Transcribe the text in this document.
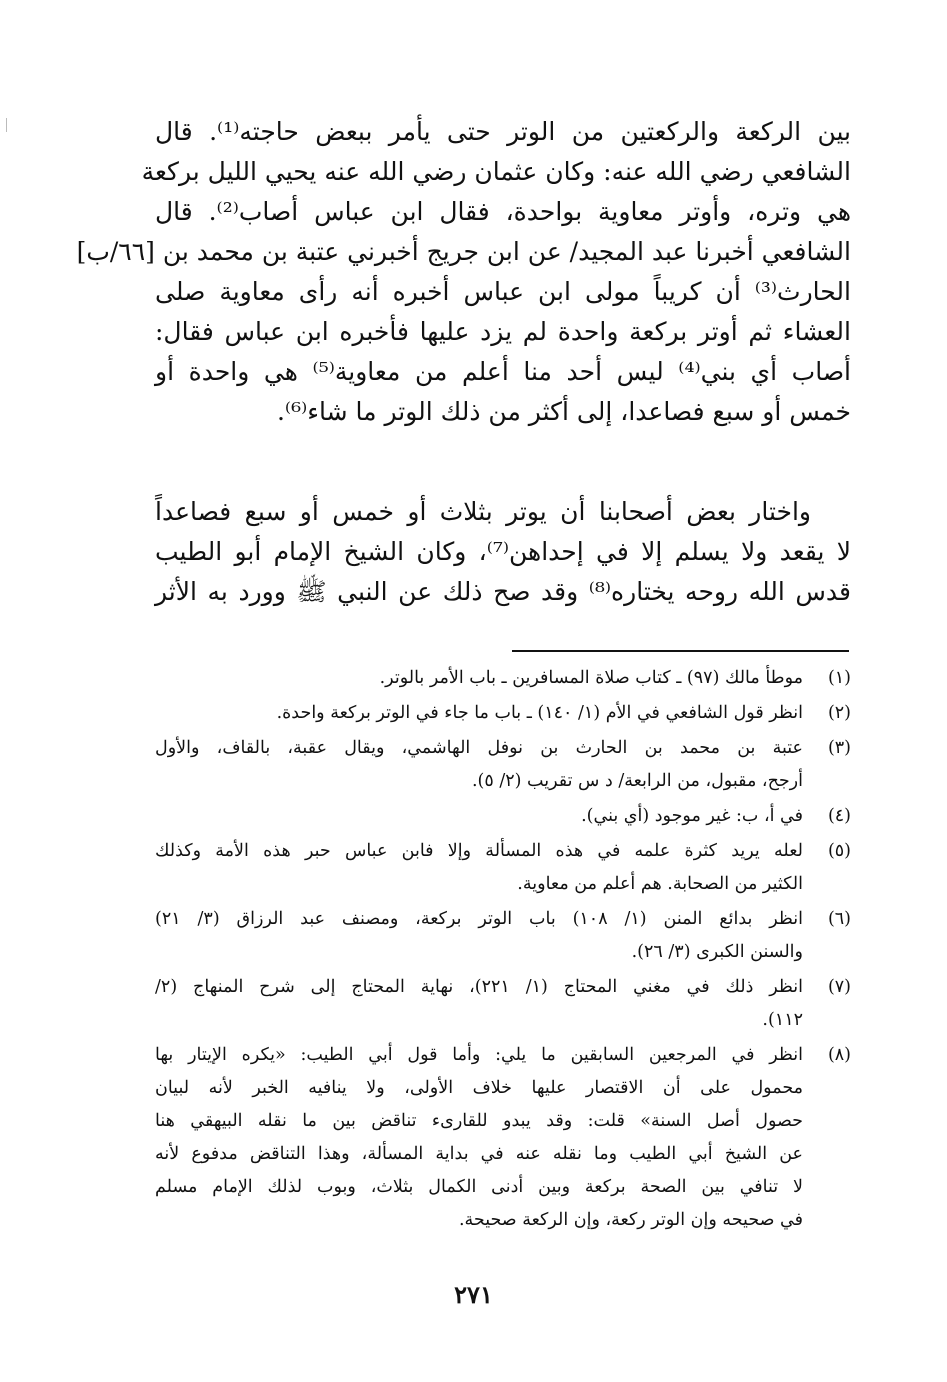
بين الركعة والركعتين من الوتر حتى يأمر ببعض حاجته⁽¹⁾. قال
الشافعي رضي الله عنه: وكان عثمان رضي الله عنه يحيي الليل بركعة
هي وتره، وأوتر معاوية بواحدة، فقال ابن عباس أصاب⁽²⁾. قال
الشافعي أخبرنا عبد المجيد/ عن ابن جريج أخبرني عتبة بن محمد بن [٦٦/ب]
الحارث⁽³⁾ أن كريباً مولى ابن عباس أخبره أنه رأى معاوية صلى
العشاء ثم أوتر بركعة واحدة لم يزد عليها فأخبره ابن عباس فقال:
أصاب أي بني⁽⁴⁾ ليس أحد منا أعلم من معاوية⁽⁵⁾ هي واحدة أو
خمس أو سبع فصاعدا، إلى أكثر من ذلك الوتر ما شاء⁽⁶⁾.
واختار بعض أصحابنا أن يوتر بثلاث أو خمس أو سبع فصاعداً
لا يقعد ولا يسلم إلا في إحداهن⁽⁷⁾، وكان الشيخ الإمام أبو الطيب
قدس الله روحه يختاره⁽⁸⁾ وقد صح ذلك عن النبي ﷺ وورد به الأثر
(١)
موطأ مالك (٩٧) ـ كتاب صلاة المسافرين ـ باب الأمر بالوتر.
(٢)
انظر قول الشافعي في الأم (١/ ١٤٠) ـ باب ما جاء في الوتر بركعة واحدة.
(٣)
عتبة بن محمد بن الحارث بن نوفل الهاشمي، ويقال عقبة، بالقاف، والأول
أرجح، مقبول، من الرابعة/ د س تقريب (٢/ ٥).
(٤)
في أ، ب: غير موجود (أي بني).
(٥)
لعله يريد كثرة علمه في هذه المسألة وإلا فابن عباس حبر هذه الأمة وكذلك
الكثير من الصحابة. هم أعلم من معاوية.
(٦)
انظر بدائع المنن (١/ ١٠٨) باب الوتر بركعة، ومصنف عبد الرزاق (٣/ ٢١)
والسنن الكبرى (٣/ ٢٦).
(٧)
انظر ذلك في مغني المحتاج (١/ ٢٢١)، نهاية المحتاج إلى شرح المنهاج (٢/
١١٢).
(٨)
انظر في المرجعين السابقين ما يلي: وأما قول أبي الطيب: «يكره الإيتار بها
محمول على أن الاقتصار عليها خلاف الأولى، ولا ينافيه الخبر لأنه لبيان
حصول أصل السنة» قلت: وقد يبدو للقارىء تناقض بين ما نقله البيهقي هنا
عن الشيخ أبي الطيب وما نقله عنه في بداية المسألة، وهذا التناقض مدفوع لأنه
لا تنافي بين الصحة بركعة وبين أدنى الكمال بثلاث، وبوب لذلك الإمام مسلم
في صحيحه وإن الوتر ركعة، وإن الركعة صحيحة.
٢٧١
